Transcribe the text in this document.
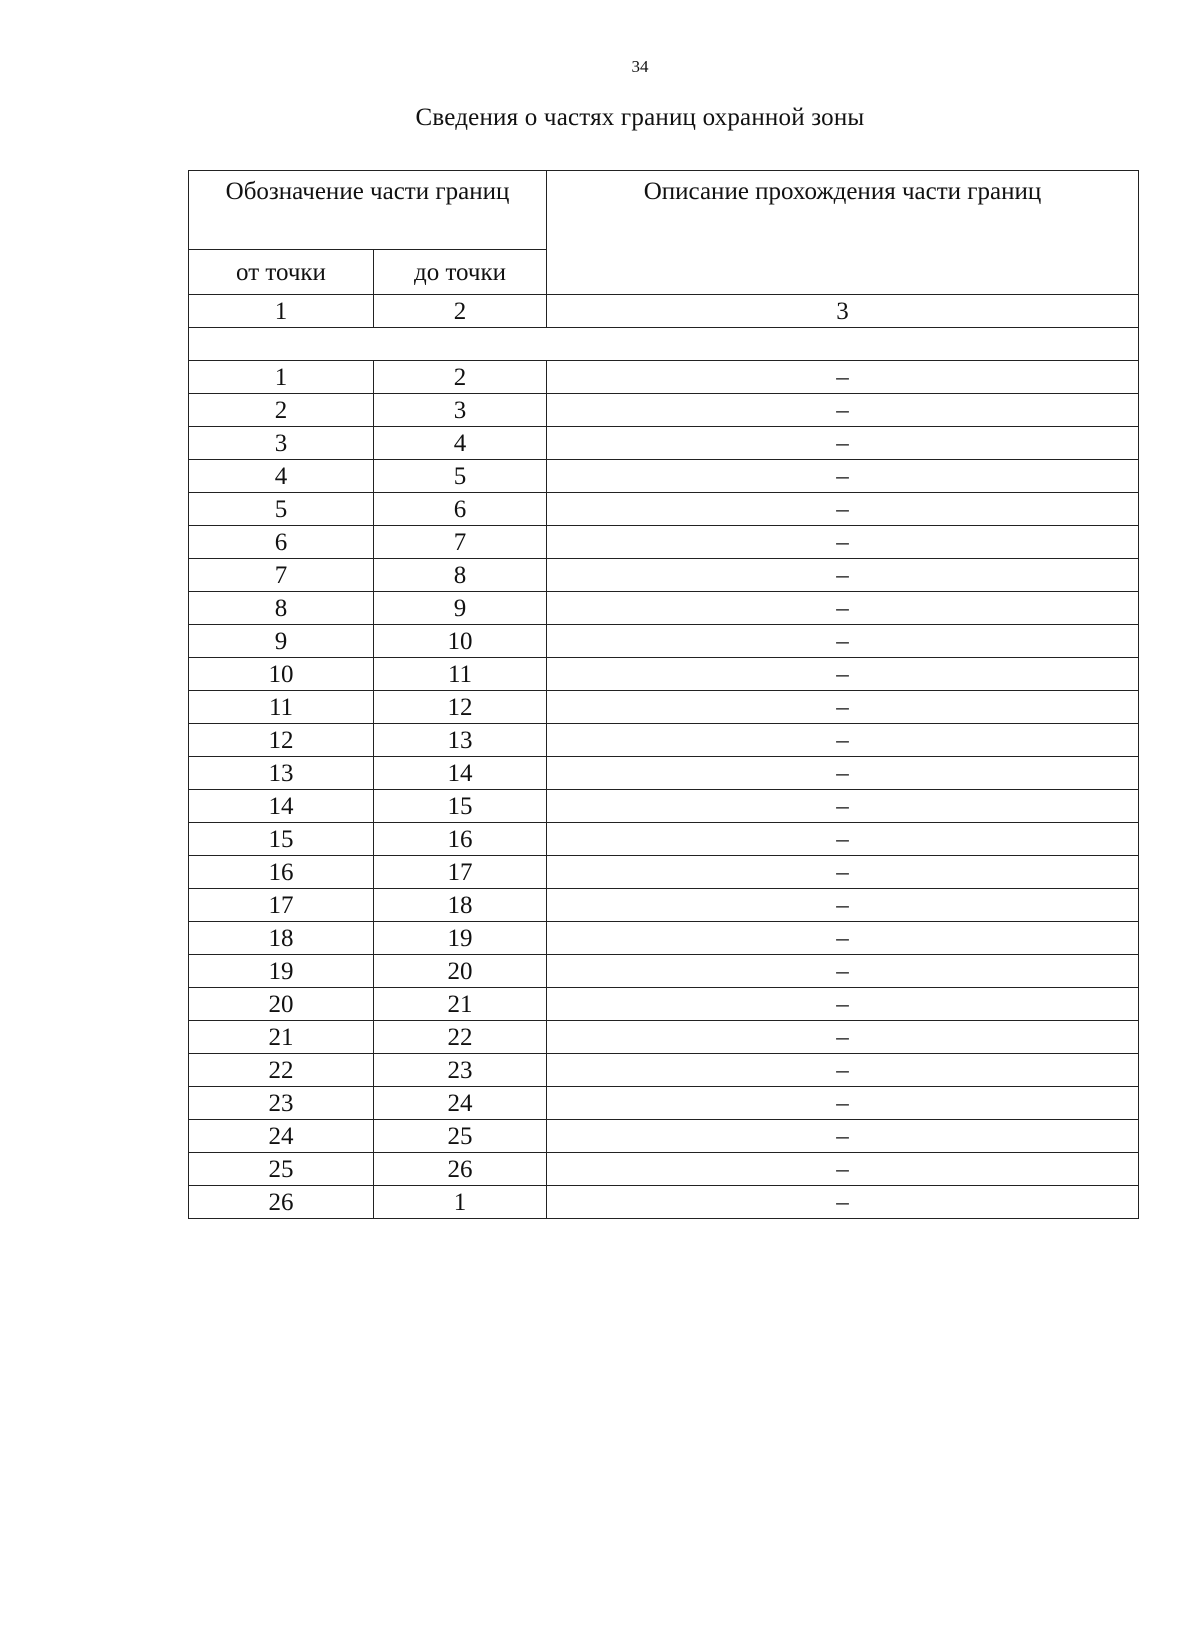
34
Сведения о частях границ охранной зоны
Обозначение части границ		Описание прохождения части границ
от точки	до точки	
1	2	3

1	2	–
2	3	–
3	4	–
4	5	–
5	6	–
6	7	–
7	8	–
8	9	–
9	10	–
10	11	–
11	12	–
12	13	–
13	14	–
14	15	–
15	16	–
16	17	–
17	18	–
18	19	–
19	20	–
20	21	–
21	22	–
22	23	–
23	24	–
24	25	–
25	26	–
26	1	–
